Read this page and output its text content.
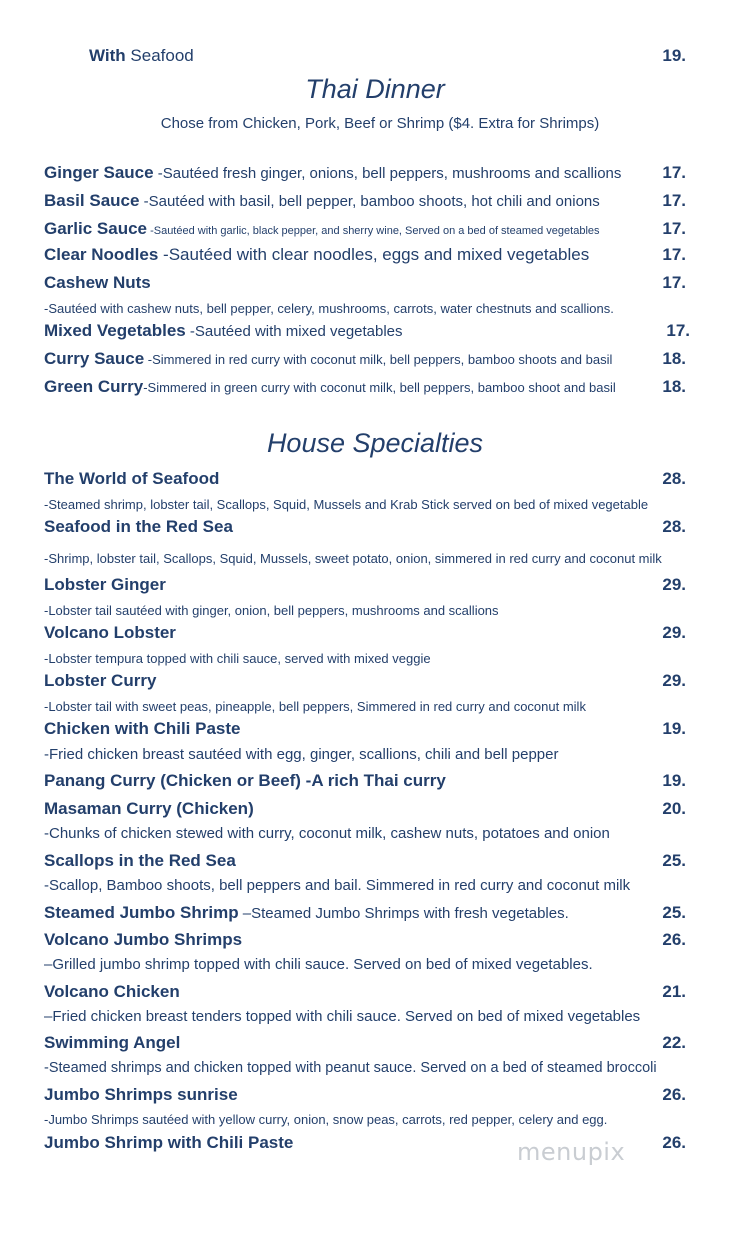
With Seafood	19.
Thai Dinner
Chose from Chicken, Pork, Beef or Shrimp ($4. Extra for Shrimps)
Ginger Sauce -Sautéed fresh ginger, onions, bell peppers, mushrooms and scallions 17.
Basil Sauce -Sautéed with basil, bell pepper, bamboo shoots, hot chili and onions	17.
Garlic Sauce -Sautéed with garlic, black pepper, and sherry wine, Served on a bed of steamed vegetables	17.
Clear Noodles -Sautéed with clear noodles, eggs and mixed vegetables	17.
Cashew Nuts	17.
-Sautéed with cashew nuts, bell pepper, celery, mushrooms, carrots, water chestnuts and scallions.
Mixed Vegetables -Sautéed with mixed vegetables	17.
Curry Sauce -Simmered in red curry with coconut milk, bell peppers, bamboo shoots and basil	18.
Green Curry-Simmered in green curry with coconut milk, bell peppers, bamboo shoot and basil	18.
House Specialties
The World of Seafood	28.
-Steamed shrimp, lobster tail, Scallops, Squid, Mussels and Krab Stick served on bed of mixed vegetable
Seafood in the Red Sea	28.
-Shrimp, lobster tail, Scallops, Squid, Mussels, sweet potato, onion, simmered in red curry and coconut milk
Lobster Ginger	29.
-Lobster tail sautéed with ginger, onion, bell peppers, mushrooms and scallions
Volcano Lobster	29.
-Lobster tempura topped with chili sauce, served with mixed veggie
Lobster Curry	29.
-Lobster tail with sweet peas, pineapple, bell peppers, Simmered in red curry and coconut milk
Chicken with Chili Paste	19.
-Fried chicken breast sautéed with egg, ginger, scallions, chili and bell pepper
Panang Curry (Chicken or Beef) -A rich Thai curry	19.
Masaman Curry (Chicken)	20.
-Chunks of chicken stewed with curry, coconut milk, cashew nuts, potatoes and onion
Scallops in the Red Sea	25.
-Scallop, Bamboo shoots, bell peppers and bail. Simmered in red curry and coconut milk
Steamed Jumbo Shrimp –Steamed Jumbo Shrimps with fresh vegetables.	25.
Volcano Jumbo Shrimps	26.
–Grilled jumbo shrimp topped with chili sauce. Served on bed of mixed vegetables.
Volcano Chicken	21.
–Fried chicken breast tenders topped with chili sauce. Served on bed of mixed vegetables
Swimming Angel	22.
-Steamed shrimps and chicken topped with peanut sauce. Served on a bed of steamed broccoli
Jumbo Shrimps sunrise	26.
-Jumbo Shrimps sautéed with yellow curry, onion, snow peas, carrots, red pepper, celery and egg.
Jumbo Shrimp with Chili Paste	26.
menupix
